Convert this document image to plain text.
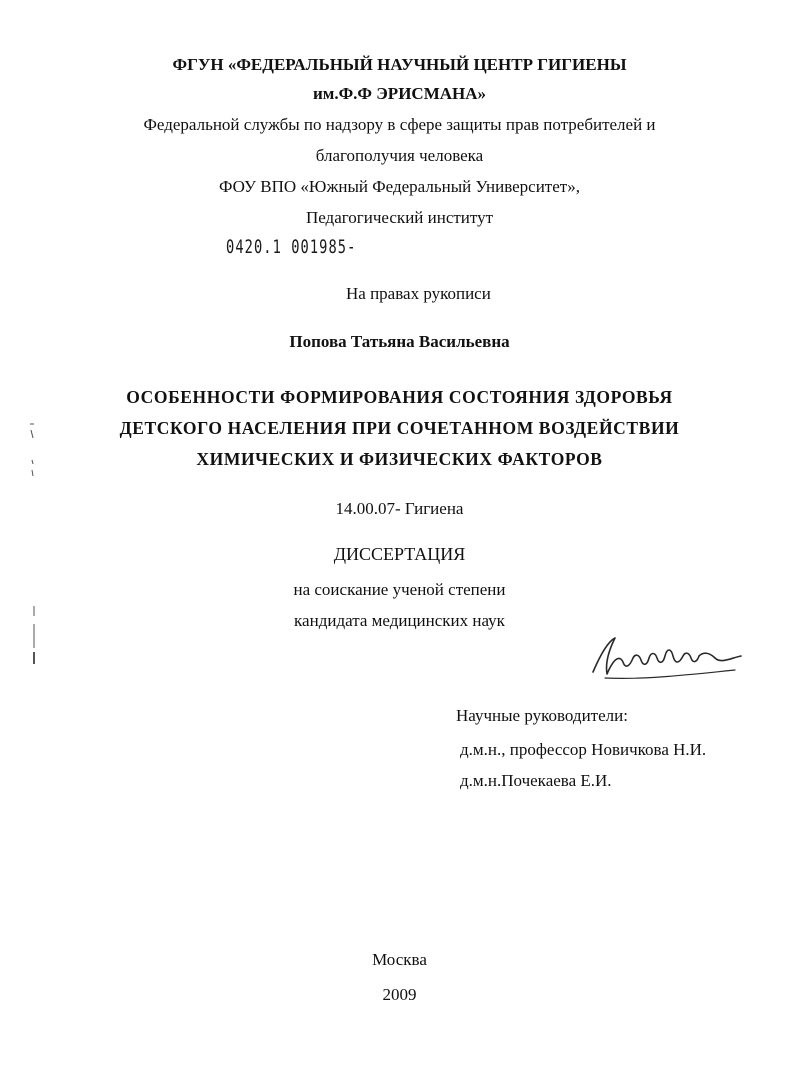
ФГУН «ФЕДЕРАЛЬНЫЙ НАУЧНЫЙ ЦЕНТР ГИГИЕНЫ
им.Ф.Ф ЭРИСМАНА»
Федеральной службы по надзору в сфере защиты прав потребителей и
благополучия человека
ФОУ ВПО «Южный Федеральный Университет»,
Педагогический институт
0420.1 001985-
На правах рукописи
Попова Татьяна Васильевна
ОСОБЕННОСТИ ФОРМИРОВАНИЯ СОСТОЯНИЯ ЗДОРОВЬЯ
ДЕТСКОГО НАСЕЛЕНИЯ ПРИ СОЧЕТАННОМ ВОЗДЕЙСТВИИ
ХИМИЧЕСКИХ И ФИЗИЧЕСКИХ ФАКТОРОВ
14.00.07- Гигиена
ДИССЕРТАЦИЯ
на соискание ученой степени
кандидата медицинских наук
Научные руководители:
д.м.н., профессор Новичкова Н.И.
д.м.н.Почекаева Е.И.
Москва
2009
